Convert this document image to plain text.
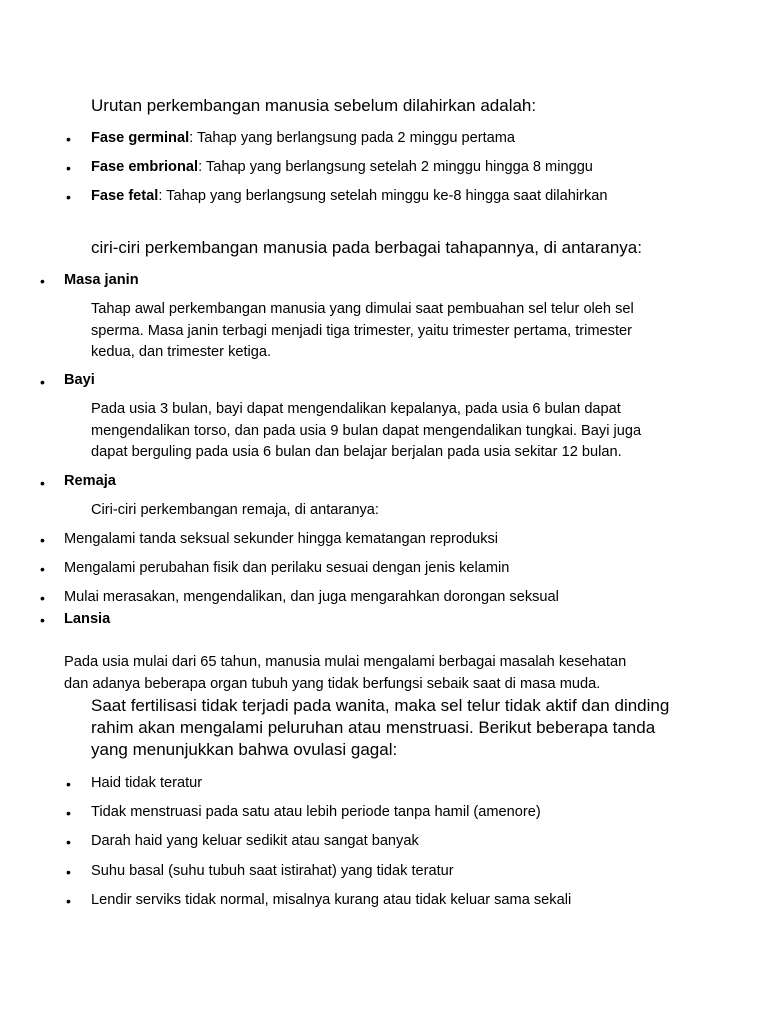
Urutan perkembangan manusia sebelum dilahirkan adalah:
• Fase germinal: Tahap yang berlangsung pada 2 minggu pertama
• Fase embrional: Tahap yang berlangsung setelah 2 minggu hingga 8 minggu
• Fase fetal: Tahap yang berlangsung setelah minggu ke-8 hingga saat dilahirkan
ciri-ciri perkembangan manusia pada berbagai tahapannya, di antaranya:
• Masa janin
Tahap awal perkembangan manusia yang dimulai saat pembuahan sel telur oleh sel
sperma. Masa janin terbagi menjadi tiga trimester, yaitu trimester pertama, trimester
kedua, dan trimester ketiga.
• Bayi
Pada usia 3 bulan, bayi dapat mengendalikan kepalanya, pada usia 6 bulan dapat
mengendalikan torso, dan pada usia 9 bulan dapat mengendalikan tungkai. Bayi juga
dapat berguling pada usia 6 bulan dan belajar berjalan pada usia sekitar 12 bulan.
• Remaja
Ciri-ciri perkembangan remaja, di antaranya:
• Mengalami tanda seksual sekunder hingga kematangan reproduksi
• Mengalami perubahan fisik dan perilaku sesuai dengan jenis kelamin
• Mulai merasakan, mengendalikan, dan juga mengarahkan dorongan seksual
• Lansia
Pada usia mulai dari 65 tahun, manusia mulai mengalami berbagai masalah kesehatan
dan adanya beberapa organ tubuh yang tidak berfungsi sebaik saat di masa muda.
Saat fertilisasi tidak terjadi pada wanita, maka sel telur tidak aktif dan dinding
rahim akan mengalami peluruhan atau menstruasi. Berikut beberapa tanda
yang menunjukkan bahwa ovulasi gagal:
• Haid tidak teratur
• Tidak menstruasi pada satu atau lebih periode tanpa hamil (amenore)
• Darah haid yang keluar sedikit atau sangat banyak
• Suhu basal (suhu tubuh saat istirahat) yang tidak teratur
• Lendir serviks tidak normal, misalnya kurang atau tidak keluar sama sekali
